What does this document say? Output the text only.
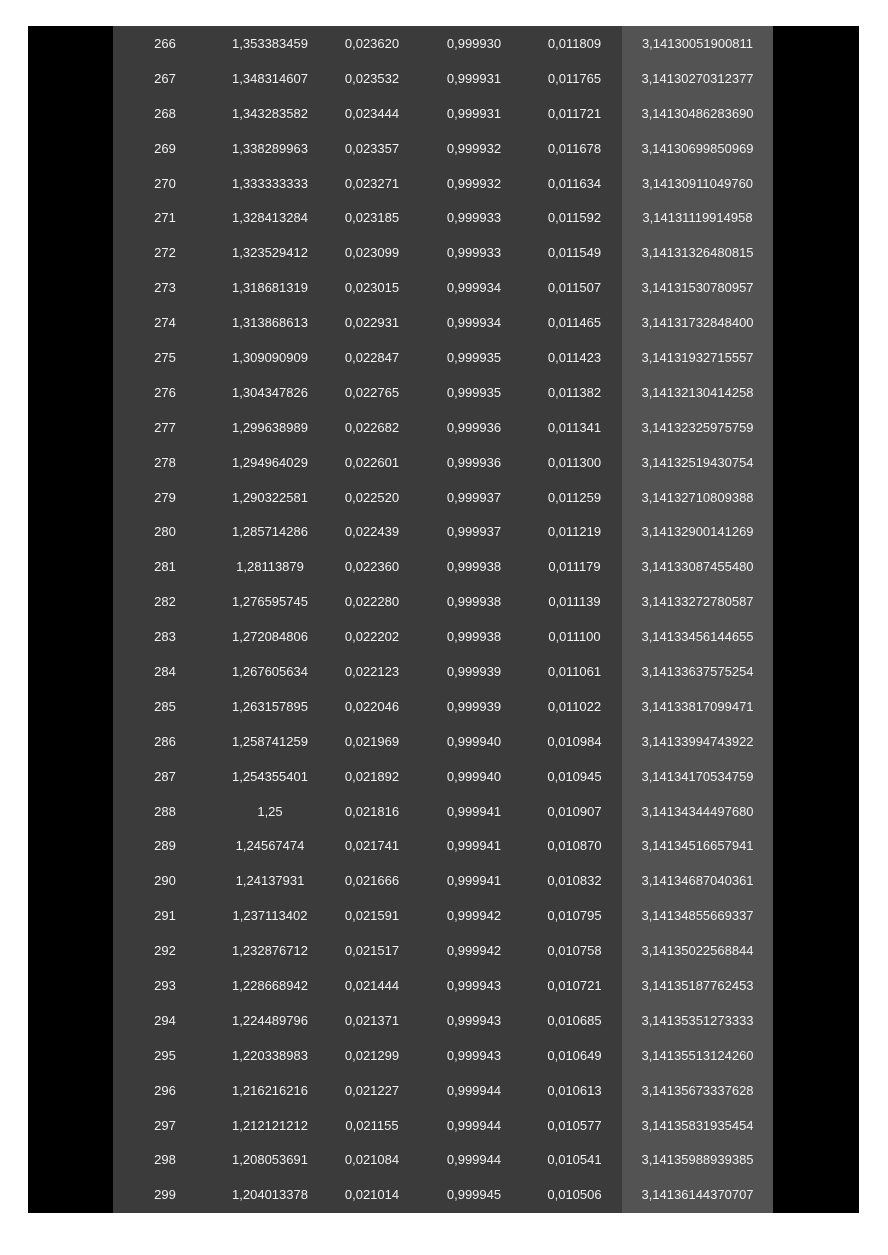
266	1,353383459	0,023620	0,999930	0,011809	3,14130051900811
267	1,348314607	0,023532	0,999931	0,011765	3,14130270312377
268	1,343283582	0,023444	0,999931	0,011721	3,14130486283690
269	1,338289963	0,023357	0,999932	0,011678	3,14130699850969
270	1,333333333	0,023271	0,999932	0,011634	3,14130911049760
271	1,328413284	0,023185	0,999933	0,011592	3,14131119914958
272	1,323529412	0,023099	0,999933	0,011549	3,14131326480815
273	1,318681319	0,023015	0,999934	0,011507	3,14131530780957
274	1,313868613	0,022931	0,999934	0,011465	3,14131732848400
275	1,309090909	0,022847	0,999935	0,011423	3,14131932715557
276	1,304347826	0,022765	0,999935	0,011382	3,14132130414258
277	1,299638989	0,022682	0,999936	0,011341	3,14132325975759
278	1,294964029	0,022601	0,999936	0,011300	3,14132519430754
279	1,290322581	0,022520	0,999937	0,011259	3,14132710809388
280	1,285714286	0,022439	0,999937	0,011219	3,14132900141269
281	1,28113879	0,022360	0,999938	0,011179	3,14133087455480
282	1,276595745	0,022280	0,999938	0,011139	3,14133272780587
283	1,272084806	0,022202	0,999938	0,011100	3,14133456144655
284	1,267605634	0,022123	0,999939	0,011061	3,14133637575254
285	1,263157895	0,022046	0,999939	0,011022	3,14133817099471
286	1,258741259	0,021969	0,999940	0,010984	3,14133994743922
287	1,254355401	0,021892	0,999940	0,010945	3,14134170534759
288	1,25	0,021816	0,999941	0,010907	3,14134344497680
289	1,24567474	0,021741	0,999941	0,010870	3,14134516657941
290	1,24137931	0,021666	0,999941	0,010832	3,14134687040361
291	1,237113402	0,021591	0,999942	0,010795	3,14134855669337
292	1,232876712	0,021517	0,999942	0,010758	3,14135022568844
293	1,228668942	0,021444	0,999943	0,010721	3,14135187762453
294	1,224489796	0,021371	0,999943	0,010685	3,14135351273333
295	1,220338983	0,021299	0,999943	0,010649	3,14135513124260
296	1,216216216	0,021227	0,999944	0,010613	3,14135673337628
297	1,212121212	0,021155	0,999944	0,010577	3,14135831935454
298	1,208053691	0,021084	0,999944	0,010541	3,14135988939385
299	1,204013378	0,021014	0,999945	0,010506	3,14136144370707
